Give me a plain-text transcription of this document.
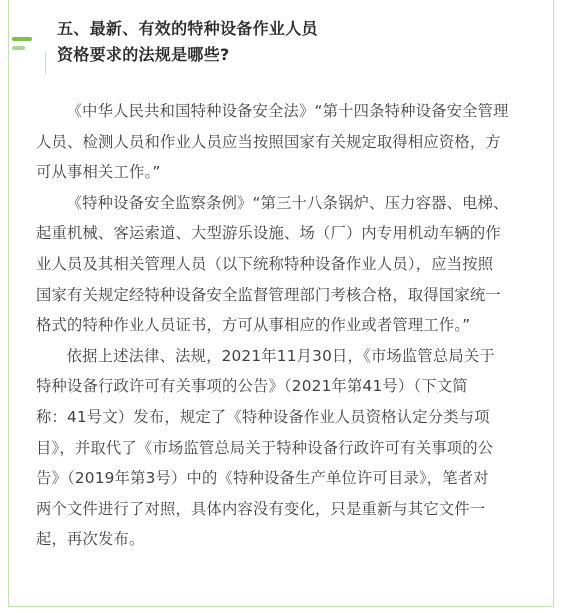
五、最新、有效的特种设备作业人员
资格要求的法规是哪些?

《中华人民共和国特种设备安全法》“第十四条特种设备安全管理
人员、检测人员和作业人员应当按照国家有关规定取得相应资格，方
可从事相关工作。”

《特种设备安全监察条例》“第三十八条锅炉、压力容器、电梯、
起重机械、客运索道、大型游乐设施、场（厂）内专用机动车辆的作
业人员及其相关管理人员（以下统称特种设备作业人员），应当按照
国家有关规定经特种设备安全监督管理部门考核合格，取得国家统一
格式的特种作业人员证书，方可从事相应的作业或者管理工作。”

依据上述法律、法规，2021年11月30日，《市场监管总局关于
特种设备行政许可有关事项的公告》（2021年第41号）（下文简
称：41号文）发布，规定了《特种设备作业人员资格认定分类与项
目》，并取代了《市场监管总局关于特种设备行政许可有关事项的公
告》（2019年第3号）中的《特种设备生产单位许可目录》，笔者对
两个文件进行了对照，具体内容没有变化，只是重新与其它文件一
起，再次发布。
